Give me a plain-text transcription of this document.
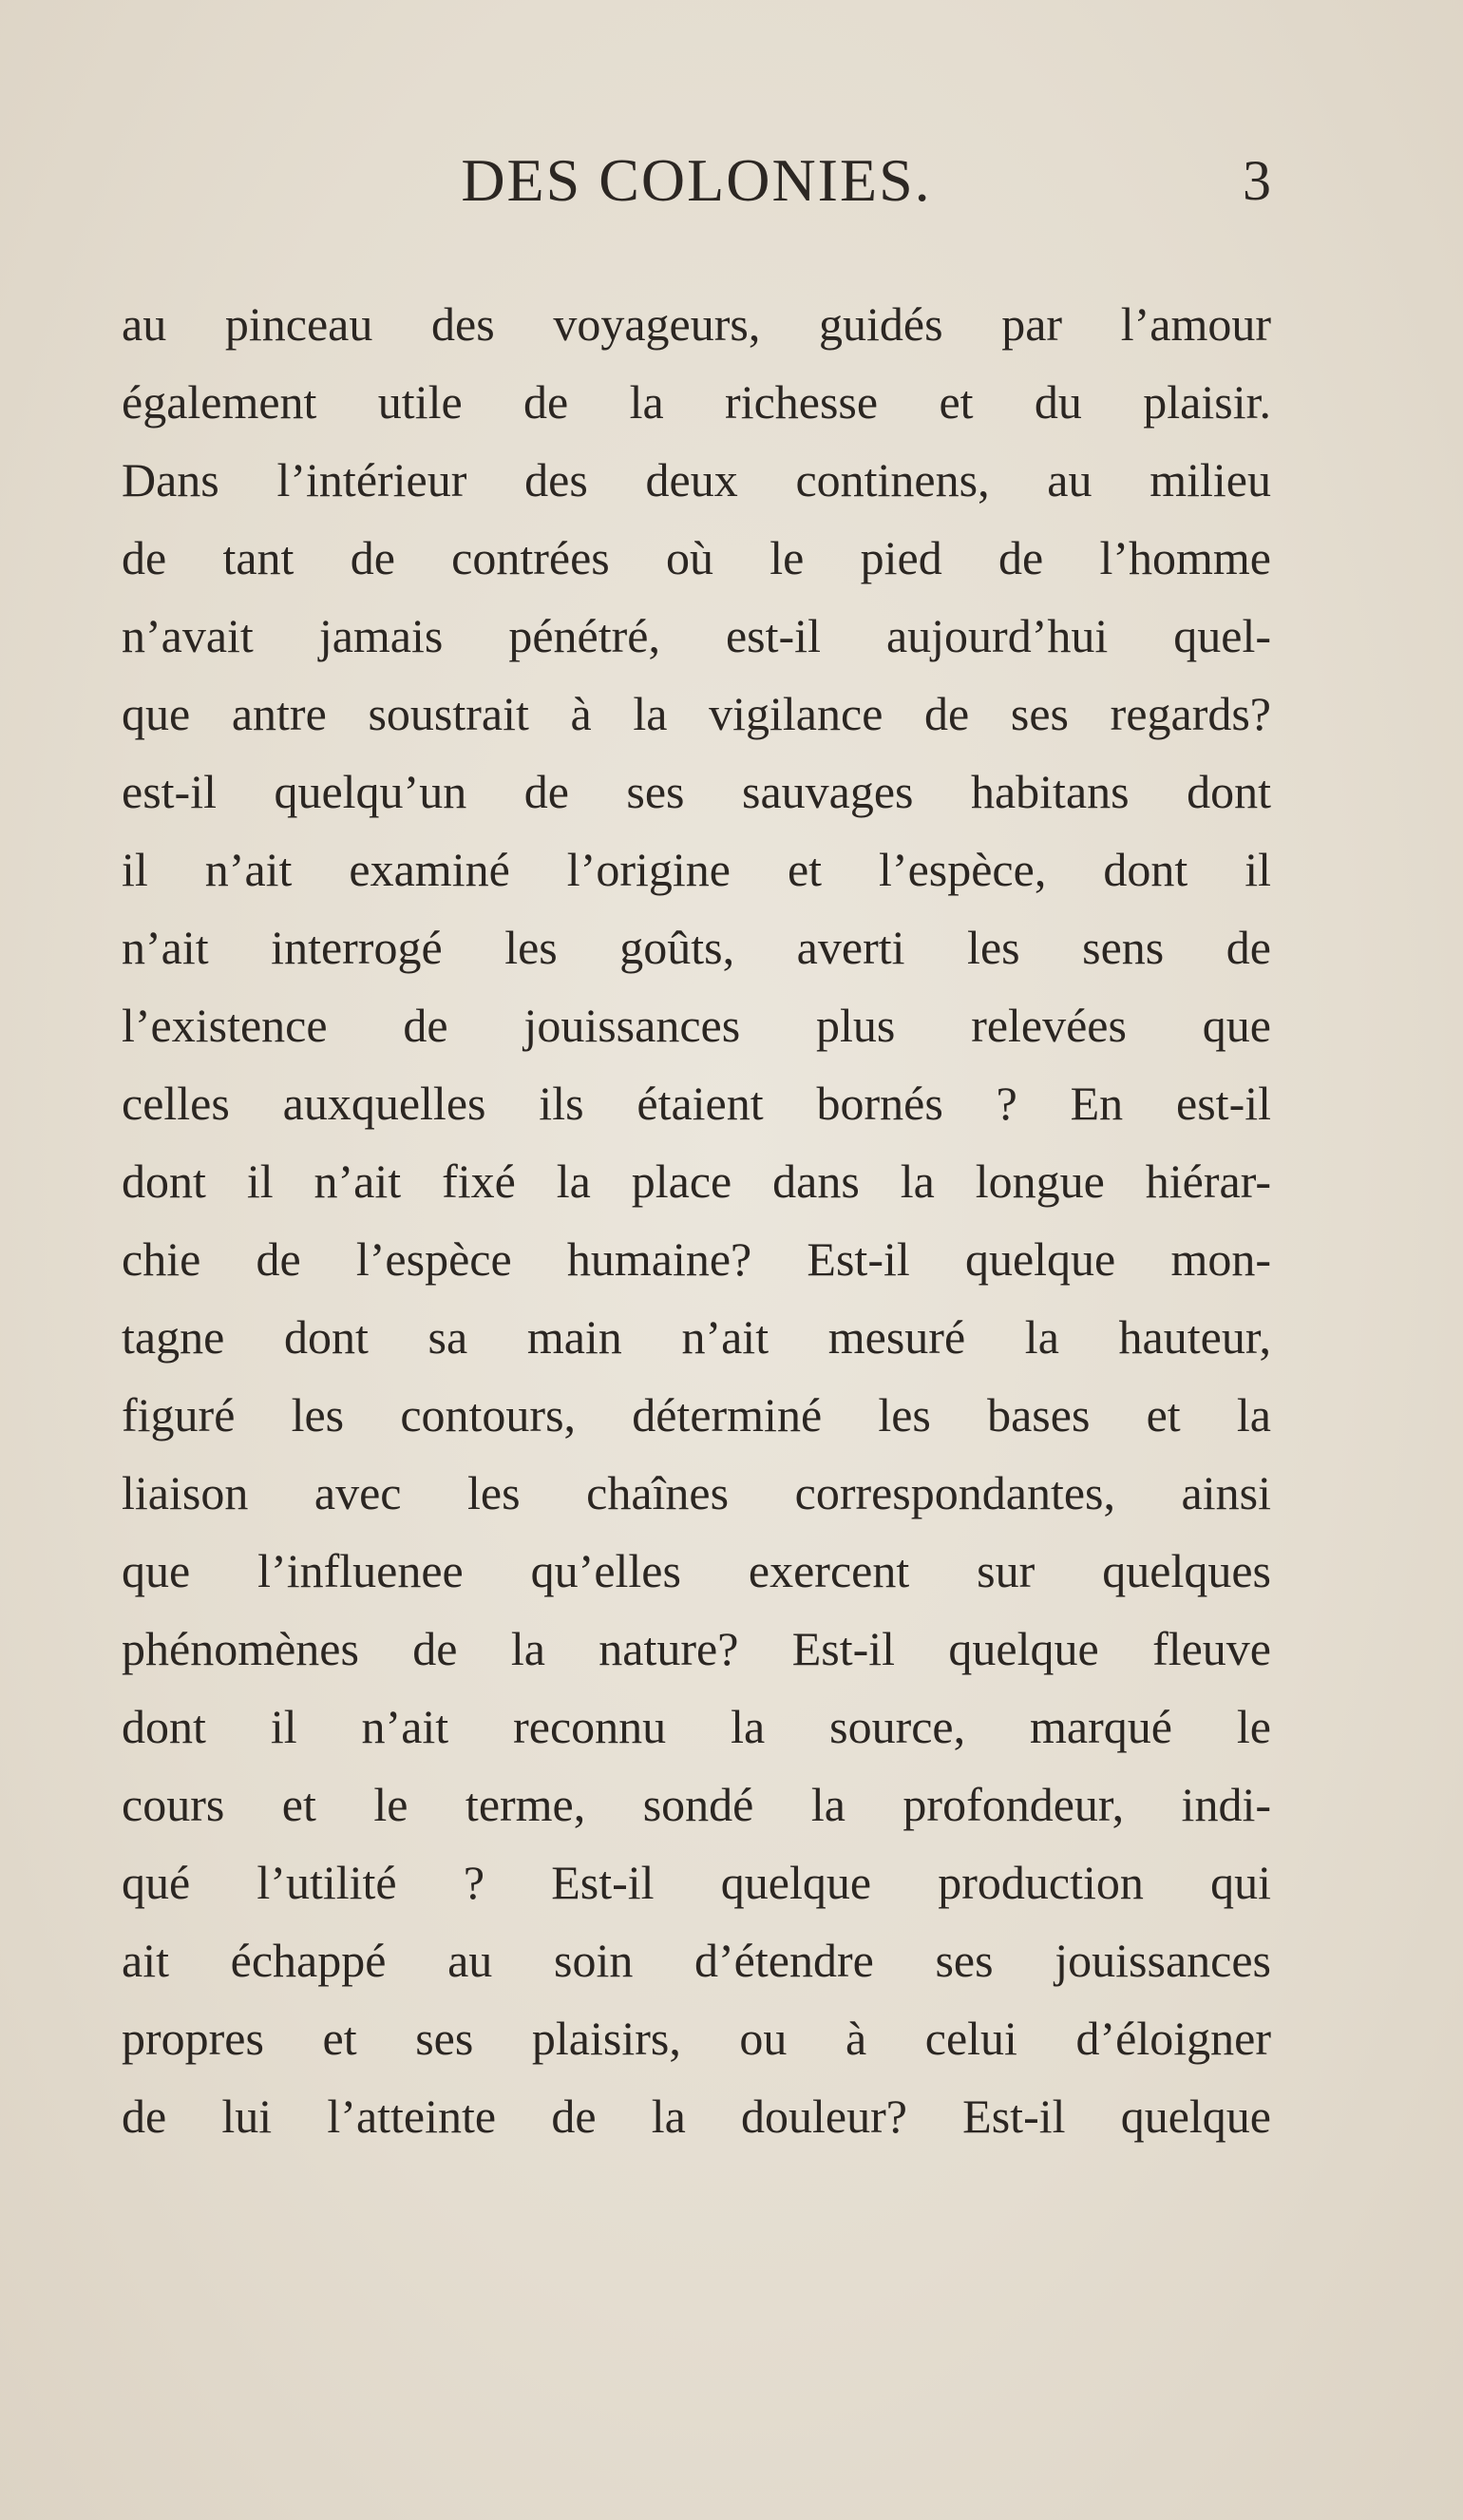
DES COLONIES.	3
au pinceau des voyageurs, guidés par l’amour
également utile de la richesse et du plaisir.
Dans l’intérieur des deux continens, au milieu
de tant de contrées où le pied de l’homme
n’avait jamais pénétré, est-il aujourd’hui quel-
que antre soustrait à la vigilance de ses regards?
est-il quelqu’un de ses sauvages habitans dont
il n’ait examiné l’origine et l’espèce, dont il
n’ait interrogé les goûts, averti les sens de
l’existence de jouissances plus relevées que
celles auxquelles ils étaient bornés ? En est-il
dont il n’ait fixé la place dans la longue hiérar-
chie de l’espèce humaine? Est-il quelque mon-
tagne dont sa main n’ait mesuré la hauteur,
figuré les contours, déterminé les bases et la
liaison avec les chaînes correspondantes, ainsi
que l’influenee qu’elles exercent sur quelques
phénomènes de la nature? Est-il quelque fleuve
dont il n’ait reconnu la source, marqué le
cours et le terme, sondé la profondeur, indi-
qué l’utilité ? Est-il quelque production qui
ait échappé au soin d’étendre ses jouissances
propres et ses plaisirs, ou à celui d’éloigner
de lui l’atteinte de la douleur? Est-il quelque
